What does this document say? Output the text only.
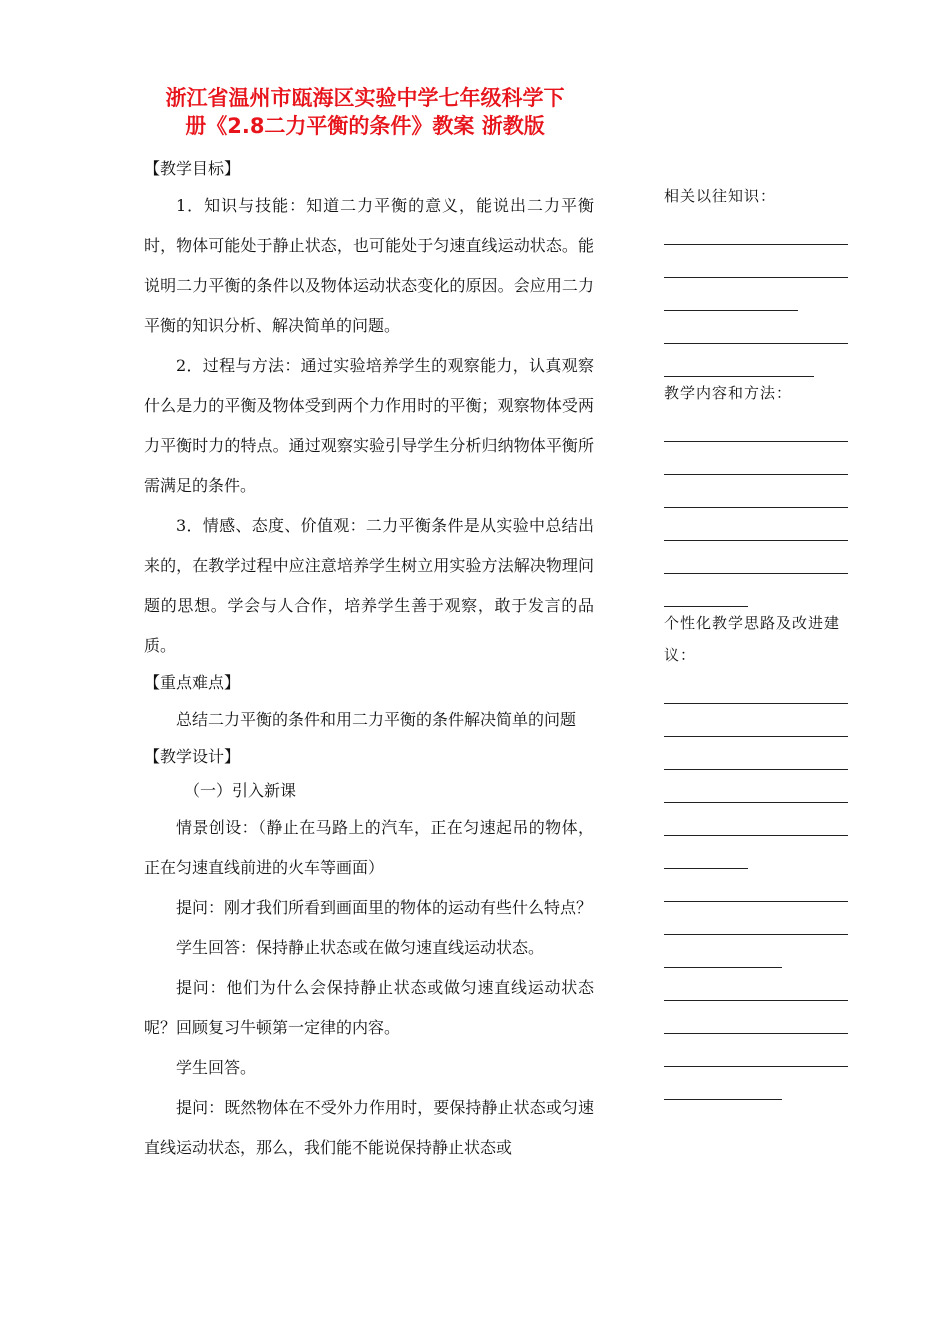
浙江省温州市瓯海区实验中学七年级科学下
册《2.8二力平衡的条件》教案 浙教版

【教学目标】

1．知识与技能：知道二力平衡的意义，能说出二力平衡时，物体可能处于静止状态，也可能处于匀速直线运动状态。能说明二力平衡的条件以及物体运动状态变化的原因。会应用二力平衡的知识分析、解决简单的问题。

2．过程与方法：通过实验培养学生的观察能力，认真观察什么是力的平衡及物体受到两个力作用时的平衡；观察物体受两力平衡时力的特点。通过观察实验引导学生分析归纳物体平衡所需满足的条件。

3．情感、态度、价值观：二力平衡条件是从实验中总结出来的，在教学过程中应注意培养学生树立用实验方法解决物理问题的思想。学会与人合作，培养学生善于观察，敢于发言的品质。

【重点难点】

总结二力平衡的条件和用二力平衡的条件解决简单的问题

【教学设计】

（一）引入新课

情景创设：（静止在马路上的汽车，正在匀速起吊的物体，正在匀速直线前进的火车等画面）

提问：刚才我们所看到画面里的物体的运动有些什么特点？

学生回答：保持静止状态或在做匀速直线运动状态。

提问：他们为什么会保持静止状态或做匀速直线运动状态呢？回顾复习牛顿第一定律的内容。

学生回答。

提问：既然物体在不受外力作用时，要保持静止状态或匀速直线运动状态，那么，我们能不能说保持静止状态或

相关以往知识：
教学内容和方法：
个性化教学思路及改进建议：
